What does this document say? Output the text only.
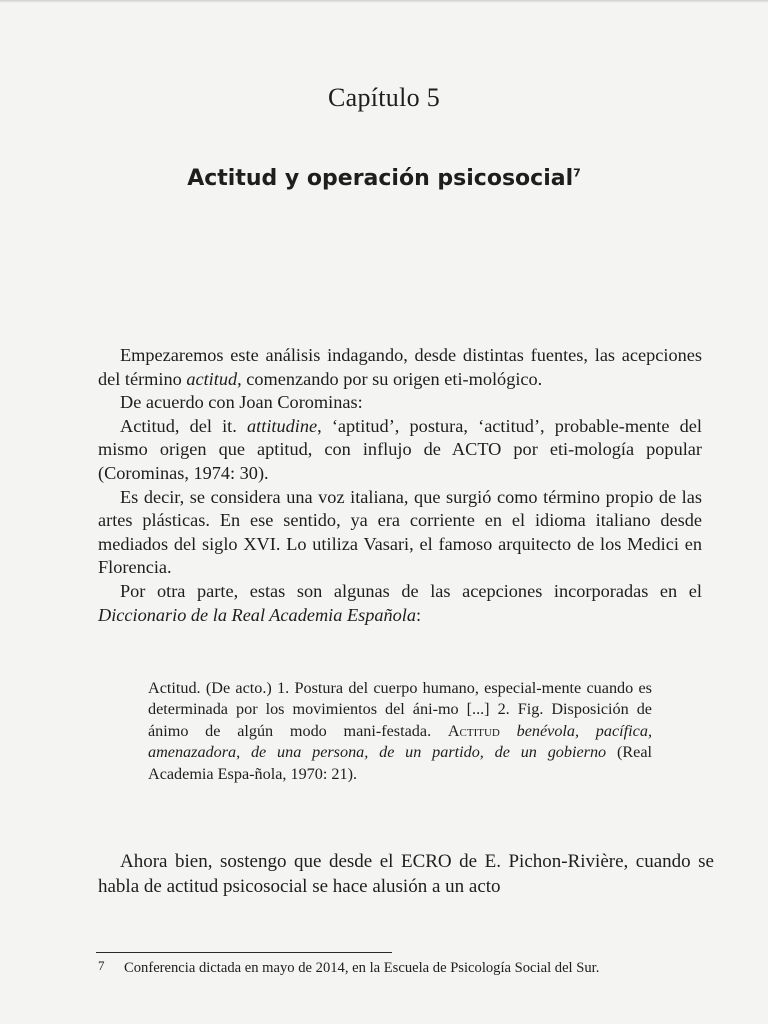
Capítulo 5
Actitud y operación psicosocial$^7$

Empezaremos este análisis indagando, desde distintas fuentes, las acepciones del término actitud, comenzando por su origen eti-mológico.

De acuerdo con Joan Corominas:

Actitud, del it. attitudine, ‘aptitud’, postura, ‘actitud’, probable-mente del mismo origen que aptitud, con influjo de ACTO por eti-mología popular (Corominas, 1974: 30).

Es decir, se considera una voz italiana, que surgió como término propio de las artes plásticas. En ese sentido, ya era corriente en el idioma italiano desde mediados del siglo XVI. Lo utiliza Vasari, el famoso arquitecto de los Medici en Florencia.

Por otra parte, estas son algunas de las acepciones incorporadas en el Diccionario de la Real Academia Española:

Actitud. (De acto.) 1. Postura del cuerpo humano, especial-mente cuando es determinada por los movimientos del áni-mo [...] 2. Fig. Disposición de ánimo de algún modo mani-festada. Actitud benévola, pacífica, amenazadora, de una persona, de un partido, de un gobierno (Real Academia Espa-ñola, 1970: 21).

Ahora bien, sostengo que desde el ECRO de E. Pichon-Rivière, cuando se habla de actitud psicosocial se hace alusión a un acto

7 Conferencia dictada en mayo de 2014, en la Escuela de Psicología Social del Sur.
